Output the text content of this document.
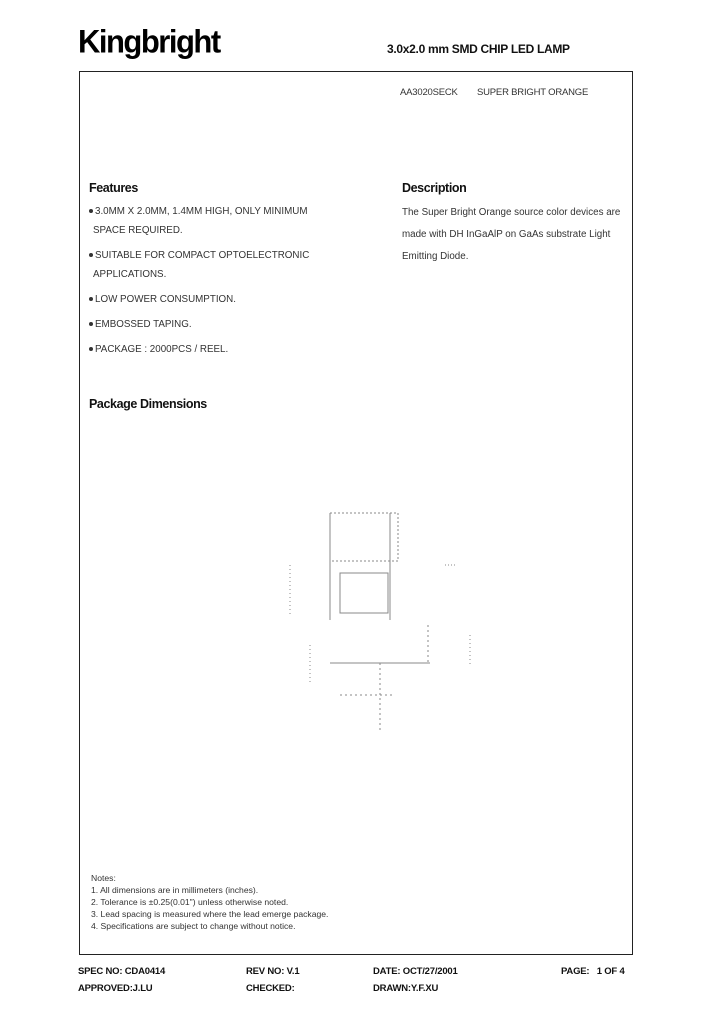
Kingbright	3.0x2.0 mm SMD CHIP LED LAMP
AA3020SECK SUPER BRIGHT ORANGE
Features
3.0MM X 2.0MM, 1.4MM HIGH, ONLY MINIMUM
SPACE REQUIRED.
SUITABLE FOR COMPACT OPTOELECTRONIC
APPLICATIONS.
LOW POWER CONSUMPTION.
EMBOSSED TAPING.
PACKAGE : 2000PCS / REEL.
Description
The Super Bright Orange source color devices are made with DH InGaAlP on GaAs substrate Light Emitting Diode.
Package Dimensions
Notes:
1. All dimensions are in millimeters (inches).
2. Tolerance is ±0.25(0.01") unless otherwise noted.
3. Lead spacing is measured where the lead emerge package.
4. Specifications are subject to change without notice.
SPEC NO: CDA0414	REV NO: V.1	DATE: OCT/27/2001	PAGE:   1 OF 4
APPROVED:J.LU	CHECKED:	DRAWN:Y.F.XU
